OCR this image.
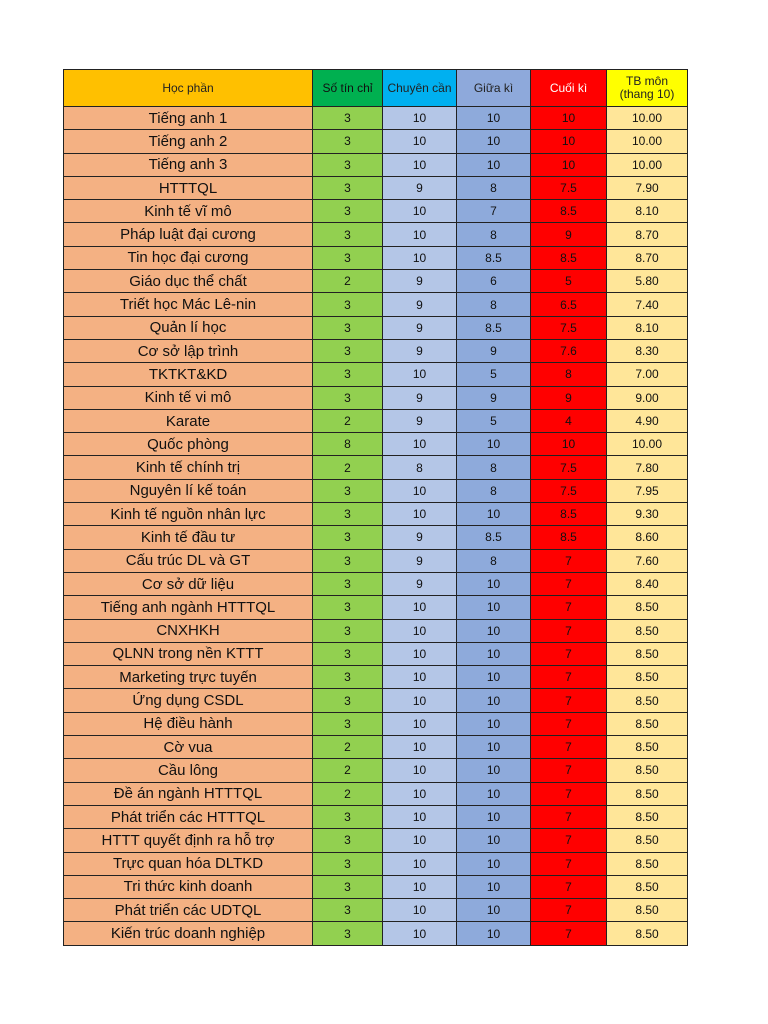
Học phần	Số tín chỉ	Chuyên cần	Giữa kì	Cuối kì	TB môn
(thang 10)
Tiếng anh 1	3	10	10	10	10.00
Tiếng anh 2	3	10	10	10	10.00
Tiếng anh 3	3	10	10	10	10.00
HTTTQL	3	9	8	7.5	7.90
Kinh tế vĩ mô	3	10	7	8.5	8.10
Pháp luật đại cương	3	10	8	9	8.70
Tin học đại cương	3	10	8.5	8.5	8.70
Giáo dục thể chất	2	9	6	5	5.80
Triết học Mác Lê-nin	3	9	8	6.5	7.40
Quản lí học	3	9	8.5	7.5	8.10
Cơ sở lập trình	3	9	9	7.6	8.30
TKTKT&KD	3	10	5	8	7.00
Kinh tế vi mô	3	9	9	9	9.00
Karate	2	9	5	4	4.90
Quốc phòng	8	10	10	10	10.00
Kinh tế chính trị	2	8	8	7.5	7.80
Nguyên lí kế toán	3	10	8	7.5	7.95
Kinh tế nguồn nhân lực	3	10	10	8.5	9.30
Kinh tế đầu tư	3	9	8.5	8.5	8.60
Cấu trúc DL và GT	3	9	8	7	7.60
Cơ sở dữ liệu	3	9	10	7	8.40
Tiếng anh ngành HTTTQL	3	10	10	7	8.50
CNXHKH	3	10	10	7	8.50
QLNN trong nền KTTT	3	10	10	7	8.50
Marketing trực tuyến	3	10	10	7	8.50
Ứng dụng CSDL	3	10	10	7	8.50
Hệ điều hành	3	10	10	7	8.50
Cờ vua	2	10	10	7	8.50
Cầu lông	2	10	10	7	8.50
Đề án ngành HTTTQL	2	10	10	7	8.50
Phát triển các HTTTQL	3	10	10	7	8.50
HTTT quyết định ra hỗ trợ	3	10	10	7	8.50
Trực quan hóa DLTKD	3	10	10	7	8.50
Tri thức kinh doanh	3	10	10	7	8.50
Phát triển các UDTQL	3	10	10	7	8.50
Kiến trúc doanh nghiệp	3	10	10	7	8.50
